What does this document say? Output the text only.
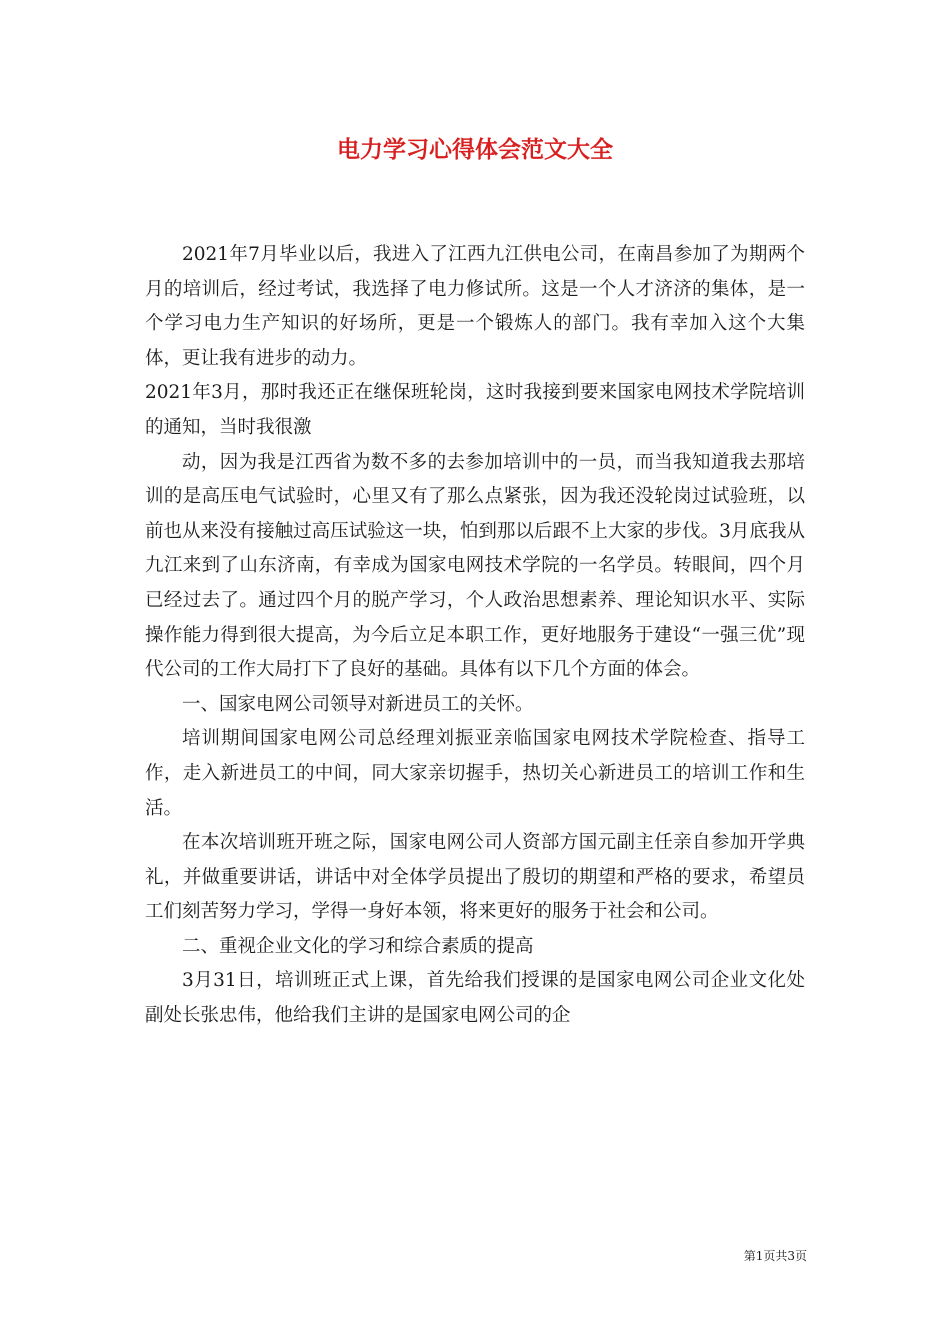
电力学习心得体会范文大全

2021年7月毕业以后，我进入了江西九江供电公司，在南昌参加了为期两个月的培训后，经过考试，我选择了电力修试所。这是一个人才济济的集体，是一个学习电力生产知识的好场所，更是一个锻炼人的部门。我有幸加入这个大集体，更让我有进步的动力。

2021年3月，那时我还正在继保班轮岗，这时我接到要来国家电网技术学院培训的通知，当时我很激

动，因为我是江西省为数不多的去参加培训中的一员，而当我知道我去那培训的是高压电气试验时，心里又有了那么点紧张，因为我还没轮岗过试验班，以前也从来没有接触过高压试验这一块，怕到那以后跟不上大家的步伐。3月底我从九江来到了山东济南，有幸成为国家电网技术学院的一名学员。转眼间，四个月已经过去了。通过四个月的脱产学习，个人政治思想素养、理论知识水平、实际操作能力得到很大提高，为今后立足本职工作，更好地服务于建设“一强三优”现代公司的工作大局打下了良好的基础。具体有以下几个方面的体会。

一、国家电网公司领导对新进员工的关怀。

培训期间国家电网公司总经理刘振亚亲临国家电网技术学院检查、指导工作，走入新进员工的中间，同大家亲切握手，热切关心新进员工的培训工作和生活。

在本次培训班开班之际，国家电网公司人资部方国元副主任亲自参加开学典礼，并做重要讲话，讲话中对全体学员提出了殷切的期望和严格的要求，希望员工们刻苦努力学习，学得一身好本领，将来更好的服务于社会和公司。

二、重视企业文化的学习和综合素质的提高

3月31日，培训班正式上课，首先给我们授课的是国家电网公司企业文化处副处长张忠伟，他给我们主讲的是国家电网公司的企

第1页共3页
